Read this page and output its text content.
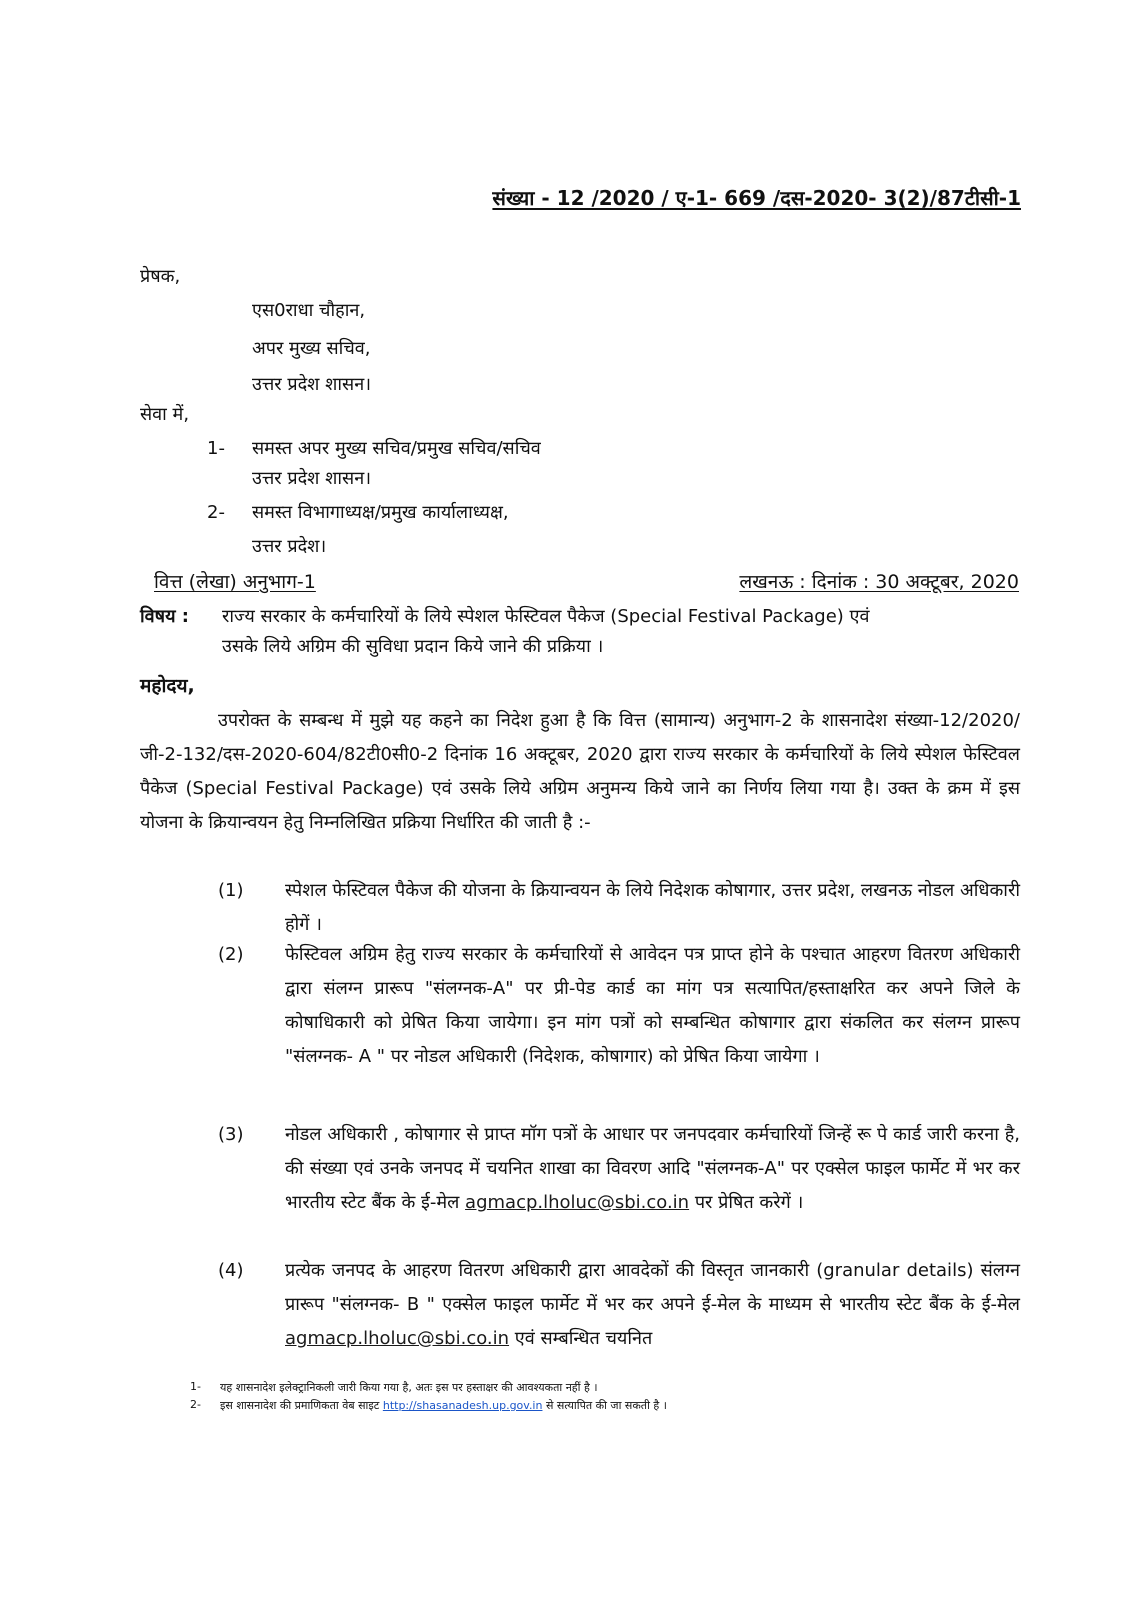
संख्या - 12 /2020 / ए-1- 669 /दस-2020- 3(2)/87टीसी-1
प्रेषक,
एस0राधा चौहान,
अपर मुख्य सचिव,
उत्तर प्रदेश शासन।
सेवा में,
1- समस्त अपर मुख्य सचिव/प्रमुख सचिव/सचिव
उत्तर प्रदेश शासन।
2- समस्त विभागाध्यक्ष/प्रमुख कार्यालाध्यक्ष,
उत्तर प्रदेश।
वित्त (लेखा) अनुभाग-1	लखनऊ : दिनांक : 30 अक्टूबर, 2020
विषय : राज्य सरकार के कर्मचारियों के लिये स्पेशल फेस्टिवल पैकेज (Special Festival Package) एवं
उसके लिये अग्रिम की सुविधा प्रदान किये जाने की प्रक्रिया ।
महोदय,
उपरोक्त के सम्बन्ध में मुझे यह कहने का निदेश हुआ है कि वित्त (सामान्य) अनुभाग-2 के शासनादेश संख्या-12/2020/जी-2-132/दस-2020-604/82टी0सी0-2 दिनांक 16 अक्टूबर, 2020 द्वारा राज्य सरकार के कर्मचारियों के लिये स्पेशल फेस्टिवल पैकेज (Special Festival Package) एवं उसके लिये अग्रिम अनुमन्य किये जाने का निर्णय लिया गया है। उक्त के क्रम में इस योजना के क्रियान्वयन हेतु निम्नलिखित प्रक्रिया निर्धारित की जाती है :-
(1) स्पेशल फेस्टिवल पैकेज की योजना के क्रियान्वयन के लिये निदेशक कोषागार, उत्तर प्रदेश, लखनऊ नोडल अधिकारी होगें ।
(2) फेस्टिवल अग्रिम हेतु राज्य सरकार के कर्मचारियों से आवेदन पत्र प्राप्त होने के पश्चात आहरण वितरण अधिकारी द्वारा संलग्न प्रारूप "संलग्नक-A" पर प्री-पेड कार्ड का मांग पत्र सत्यापित/हस्ताक्षरित कर अपने जिले के कोषाधिकारी को प्रेषित किया जायेगा। इन मांग पत्रों को सम्बन्धित कोषागार द्वारा संकलित कर संलग्न प्रारूप "संलग्नक- A " पर नोडल अधिकारी (निदेशक, कोषागार) को प्रेषित किया जायेगा ।
(3) नोडल अधिकारी , कोषागार से प्राप्त मॉग पत्रों के आधार पर जनपदवार कर्मचारियों जिन्हें रू पे कार्ड जारी करना है, की संख्या एवं उनके जनपद में चयनित शाखा का विवरण आदि "संलग्नक-A" पर एक्सेल फाइल फार्मेट में भर कर भारतीय स्टेट बैंक के ई-मेल agmacp.lholuc@sbi.co.in पर प्रेषित करेगें ।
(4) प्रत्येक जनपद के आहरण वितरण अधिकारी द्वारा आवदेकों की विस्तृत जानकारी (granular details) संलग्न प्रारूप "संलग्नक- B " एक्सेल फाइल फार्मेट में भर कर अपने ई-मेल के माध्यम से भारतीय स्टेट बैंक के ई-मेल agmacp.lholuc@sbi.co.in एवं सम्बन्धित चयनित
1- यह शासनादेश इलेक्ट्रानिकली जारी किया गया है, अतः इस पर हस्ताक्षर की आवश्यकता नहीं है ।
2- इस शासनादेश की प्रमाणिकता वेब साइट http://shasanadesh.up.gov.in से सत्यापित की जा सकती है ।
